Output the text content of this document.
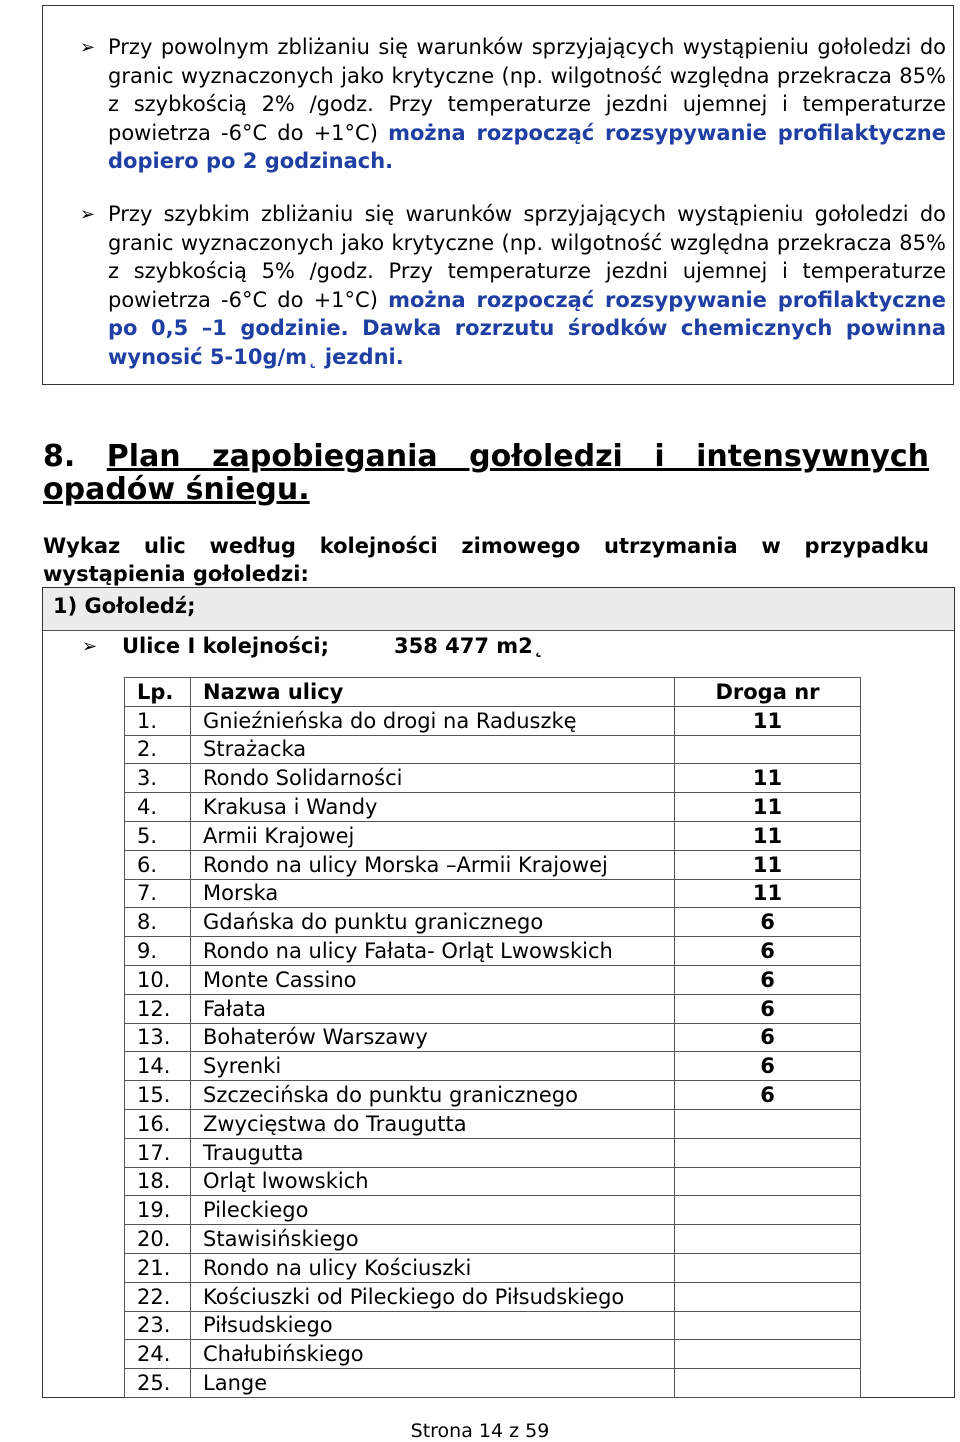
➢ Przy powolnym zbliżaniu się warunków sprzyjających wystąpieniu gołoledzi do granic wyznaczonych jako krytyczne (np. wilgotność względna przekracza 85% z szybkością 2% /godz. Przy temperaturze jezdni ujemnej i temperaturze powietrza -6°C do +1°C) można rozpocząć rozsypywanie profilaktyczne dopiero po 2 godzinach.
➢ Przy szybkim zbliżaniu się warunków sprzyjających wystąpieniu gołoledzi do granic wyznaczonych jako krytyczne (np. wilgotność względna przekracza 85% z szybkością 5% /godz. Przy temperaturze jezdni ujemnej i temperaturze powietrza -6°C do +1°C) można rozpocząć rozsypywanie profilaktyczne po 0,5 –1 godzinie. Dawka rozrzutu środków chemicznych powinna wynosić 5-10g/m˛ jezdni.
8. Plan zapobiegania gołoledzi i intensywnych opadów śniegu.
Wykaz ulic według kolejności zimowego utrzymania w przypadku wystąpienia gołoledzi:
1) Gołoledź;
➢ Ulice I kolejności;	358 477 m2˛
Lp.	Nazwa ulicy	Droga nr
1.	Gnieźnieńska do drogi na Raduszkę	11
2.	Strażacka	
3.	Rondo Solidarności	11
4.	Krakusa i Wandy	11
5.	Armii Krajowej	11
6.	Rondo na ulicy Morska –Armii Krajowej	11
7.	Morska	11
8.	Gdańska do punktu granicznego	6
9.	Rondo na ulicy Fałata- Orląt Lwowskich	6
10.	Monte Cassino	6
12.	Fałata	6
13.	Bohaterów Warszawy	6
14.	Syrenki	6
15.	Szczecińska do punktu granicznego	6
16.	Zwycięstwa do Traugutta	
17.	Traugutta	
18.	Orląt lwowskich	
19.	Pileckiego	
20.	Stawisińskiego	
21.	Rondo na ulicy Kościuszki	
22.	Kościuszki od Pileckiego do Piłsudskiego	
23.	Piłsudskiego	
24.	Chałubińskiego	
25.	Lange	
Strona 14 z 59
